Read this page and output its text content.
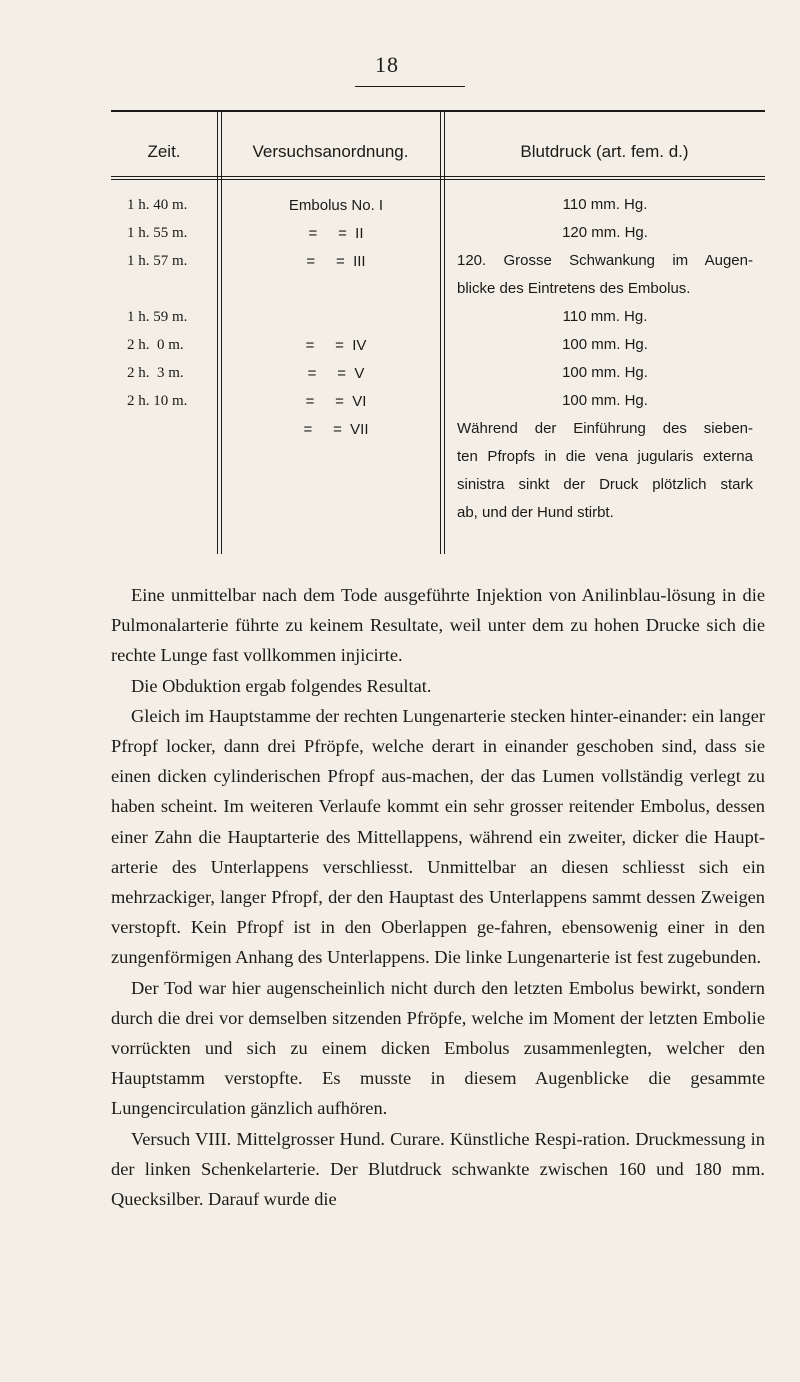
18
Zeit.	Versuchsanordnung.	Blutdruck (art. fem. d.)
1 h. 40 m.
1 h. 55 m.
1 h. 57 m.
1 h. 59 m.
2 h.  0 m.
2 h.  3 m.
2 h. 10 m.
Embolus No. I
=     =  II
=     =  III
=     =  IV
=     =  V
=     =  VI
=     =  VII
110 mm. Hg.
120 mm. Hg.
120. Grosse Schwankung im Augen-
blicke des Eintretens des Embolus.
110 mm. Hg.
100 mm. Hg.
100 mm. Hg.
100 mm. Hg.
Während der Einführung des sieben-
ten Pfropfs in die vena jugularis externa
sinistra sinkt der Druck plötzlich stark
ab, und der Hund stirbt.

Eine unmittelbar nach dem Tode ausgeführte Injektion von Anilinblau-lösung in die Pulmonalarterie führte zu keinem Resultate, weil unter dem zu hohen Drucke sich die rechte Lunge fast vollkommen injicirte.

Die Obduktion ergab folgendes Resultat.

Gleich im Hauptstamme der rechten Lungenarterie stecken hinter-einander: ein langer Pfropf locker, dann drei Pfröpfe, welche derart in einander geschoben sind, dass sie einen dicken cylinderischen Pfropf aus-machen, der das Lumen vollständig verlegt zu haben scheint. Im weiteren Verlaufe kommt ein sehr grosser reitender Embolus, dessen einer Zahn die Hauptarterie des Mittellappens, während ein zweiter, dicker die Haupt-arterie des Unterlappens verschliesst. Unmittelbar an diesen schliesst sich ein mehrzackiger, langer Pfropf, der den Hauptast des Unterlappens sammt dessen Zweigen verstopft. Kein Pfropf ist in den Oberlappen ge-fahren, ebensowenig einer in den zungenförmigen Anhang des Unterlappens. Die linke Lungenarterie ist fest zugebunden.

Der Tod war hier augenscheinlich nicht durch den letzten Embolus bewirkt, sondern durch die drei vor demselben sitzenden Pfröpfe, welche im Moment der letzten Embolie vorrückten und sich zu einem dicken Embolus zusammenlegten, welcher den Hauptstamm verstopfte. Es musste in diesem Augenblicke die gesammte Lungencirculation gänzlich aufhören.

Versuch VIII. Mittelgrosser Hund. Curare. Künstliche Respi-ration. Druckmessung in der linken Schenkelarterie. Der Blutdruck schwankte zwischen 160 und 180 mm. Quecksilber. Darauf wurde die
